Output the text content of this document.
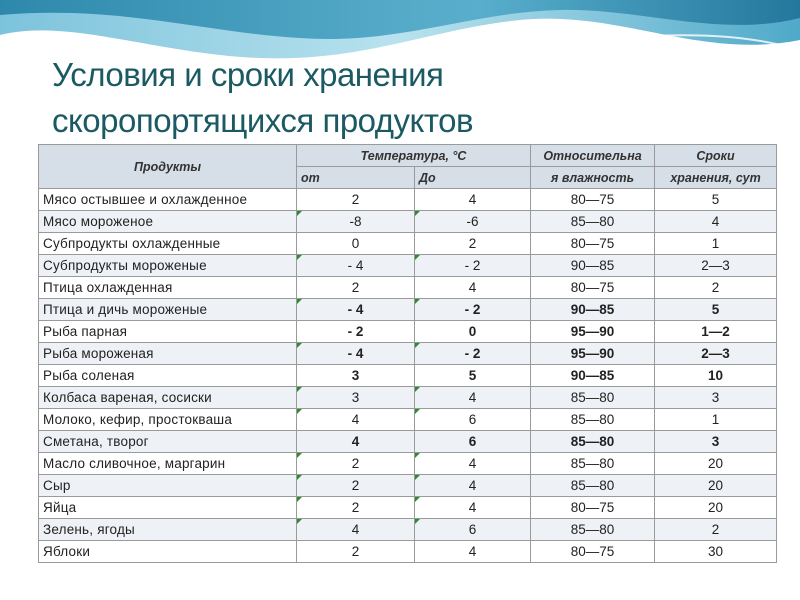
Условия и сроки хранения
скоропортящихся продуктов
Продукты	Температура, °С		Относительна	Сроки
	от	До	я влажность	хранения, сут
Мясо остывшее и охлажденное	2	4	80—75	5
Мясо мороженое	-8	-6	85—80	4
Субпродукты охлажденные	0	2	80—75	1
Субпродукты мороженые	- 4	- 2	90—85	2—3
Птица охлажденная	2	4	80—75	2
Птица и дичь мороженые	- 4	- 2	90—85	5
Рыба парная	- 2	0	95—90	1—2
Рыба мороженая	- 4	- 2	95—90	2—3
Рыба соленая	3	5	90—85	10
Колбаса вареная, сосиски	3	4	85—80	3
Молоко, кефир, простокваша	4	6	85—80	1
Сметана, творог	4	6	85—80	3
Масло сливочное, маргарин	2	4	85—80	20
Сыр	2	4	85—80	20
Яйца	2	4	80—75	20
Зелень, ягоды	4	6	85—80	2
Яблоки	2	4	80—75	30
